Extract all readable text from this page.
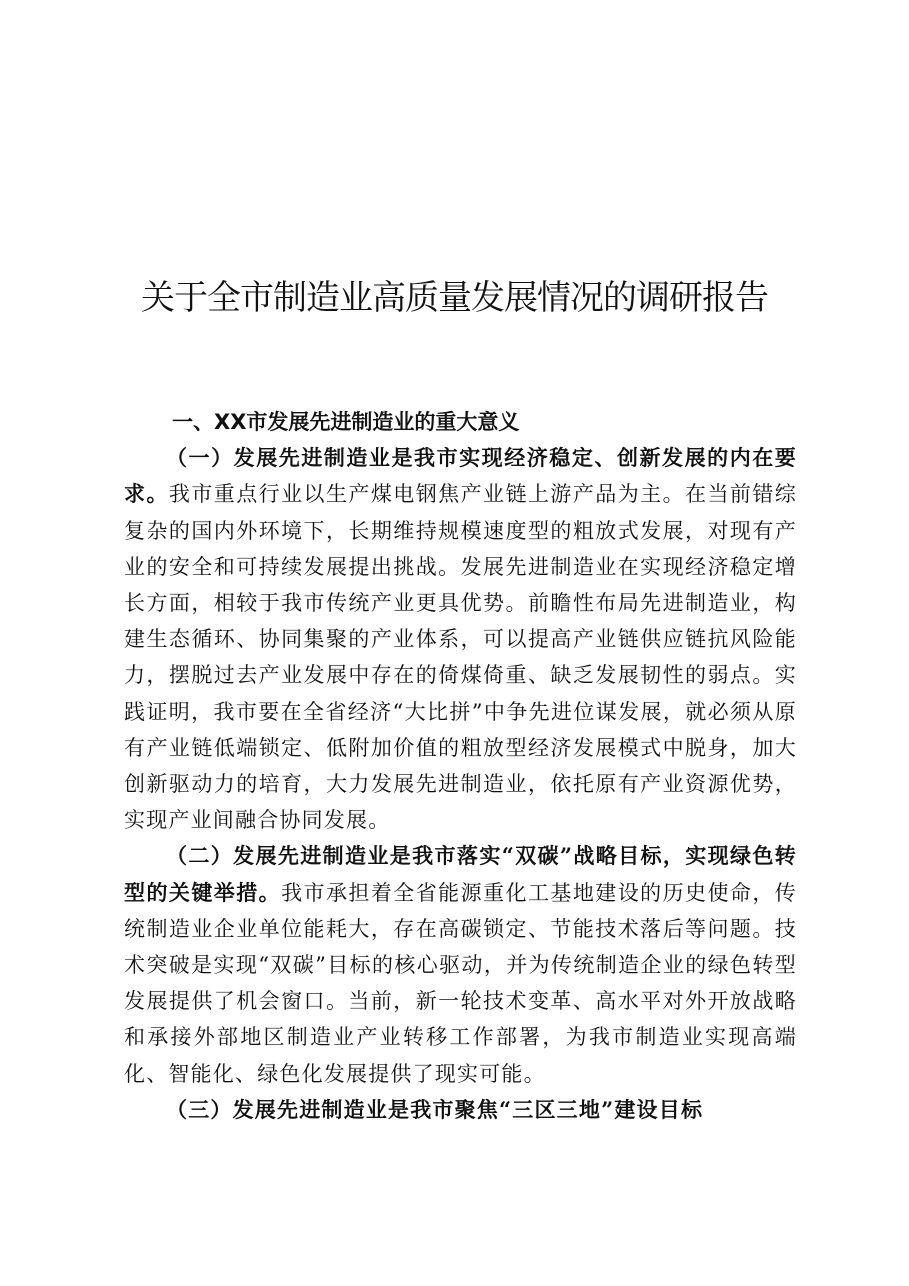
关于全市制造业高质量发展情况的调研报告

一、XX市发展先进制造业的重大意义

（一）发展先进制造业是我市实现经济稳定、创新发展的内在要求。我市重点行业以生产煤电钢焦产业链上游产品为主。在当前错综复杂的国内外环境下，长期维持规模速度型的粗放式发展，对现有产业的安全和可持续发展提出挑战。发展先进制造业在实现经济稳定增长方面，相较于我市传统产业更具优势。前瞻性布局先进制造业，构建生态循环、协同集聚的产业体系，可以提高产业链供应链抗风险能力，摆脱过去产业发展中存在的倚煤倚重、缺乏发展韧性的弱点。实践证明，我市要在全省经济“大比拼”中争先进位谋发展，就必须从原有产业链低端锁定、低附加价值的粗放型经济发展模式中脱身，加大创新驱动力的培育，大力发展先进制造业，依托原有产业资源优势，实现产业间融合协同发展。

（二）发展先进制造业是我市落实“双碳”战略目标，实现绿色转型的关键举措。我市承担着全省能源重化工基地建设的历史使命，传统制造业企业单位能耗大，存在高碳锁定、节能技术落后等问题。技术突破是实现“双碳”目标的核心驱动，并为传统制造企业的绿色转型发展提供了机会窗口。当前，新一轮技术变革、高水平对外开放战略和承接外部地区制造业产业转移工作部署，为我市制造业实现高端化、智能化、绿色化发展提供了现实可能。

（三）发展先进制造业是我市聚焦“三区三地”建设目标
